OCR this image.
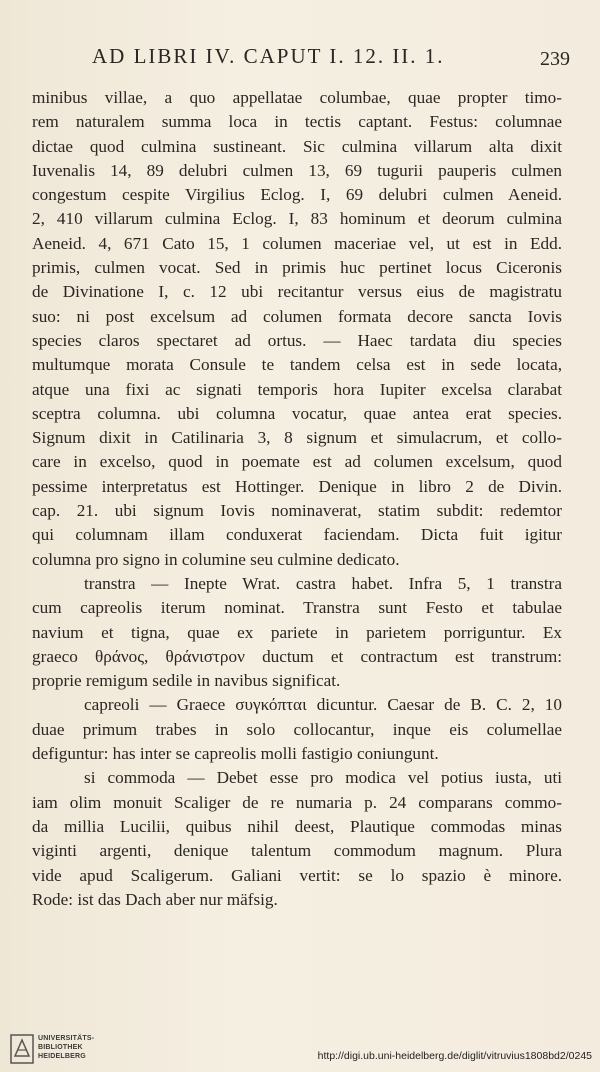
AD LIBRI IV. CAPUT I. 12. II. 1.	239
minibus villae, a quo appellatae columbae, quae propter timo-
rem naturalem summa loca in tectis captant. Festus: columnae
dictae quod culmina sustineant. Sic culmina villarum alta dixit
Iuvenalis 14, 89 delubri culmen 13, 69 tugurii pauperis culmen
congestum cespite Virgilius Eclog. I, 69 delubri culmen Aeneid.
2, 410 villarum culmina Eclog. I, 83 hominum et deorum culmina
Aeneid. 4, 671 Cato 15, 1 columen maceriae vel, ut est in Edd.
primis, culmen vocat. Sed in primis huc pertinet locus Ciceronis
de Divinatione I, c. 12 ubi recitantur versus eius de magistratu
suo: ni post excelsum ad columen formata decore sancta Iovis
species claros spectaret ad ortus. — Haec tardata diu species
multumque morata Consule te tandem celsa est in sede locata,
atque una fixi ac signati temporis hora Iupiter excelsa clarabat
sceptra columna. ubi columna vocatur, quae antea erat species.
Signum dixit in Catilinaria 3, 8 signum et simulacrum, et collo-
care in excelso, quod in poemate est ad columen excelsum, quod
pessime interpretatus est Hottinger. Denique in libro 2 de Divin.
cap. 21. ubi signum Iovis nominaverat, statim subdit: redemtor
qui columnam illam conduxerat faciendam. Dicta fuit igitur
columna pro signo in columine seu culmine dedicato.
transtra — Inepte Wrat. castra habet. Infra 5, 1 transtra
cum capreolis iterum nominat. Transtra sunt Festo et tabulae
navium et tigna, quae ex pariete in parietem porriguntur. Ex
graeco θράνος, θράνιστρον ductum et contractum est transtrum:
proprie remigum sedile in navibus significat.
capreoli — Graece συγκόπται dicuntur. Caesar de B. C. 2, 10
duae primum trabes in solo collocantur, inque eis columellae
defiguntur: has inter se capreolis molli fastigio coniungunt.
si commoda — Debet esse pro modica vel potius iusta, uti
iam olim monuit Scaliger de re numaria p. 24 comparans commo-
da millia Lucilii, quibus nihil deest, Plautique commodas minas
viginti argenti, denique talentum commodum magnum. Plura
vide apud Scaligerum. Galiani vertit: se lo spazio è minore.
Rode: ist das Dach aber nur mäfsig.
UNIVERSITÄTS-
BIBLIOTHEK
HEIDELBERG	http://digi.ub.uni-heidelberg.de/diglit/vitruvius1808bd2/0245
